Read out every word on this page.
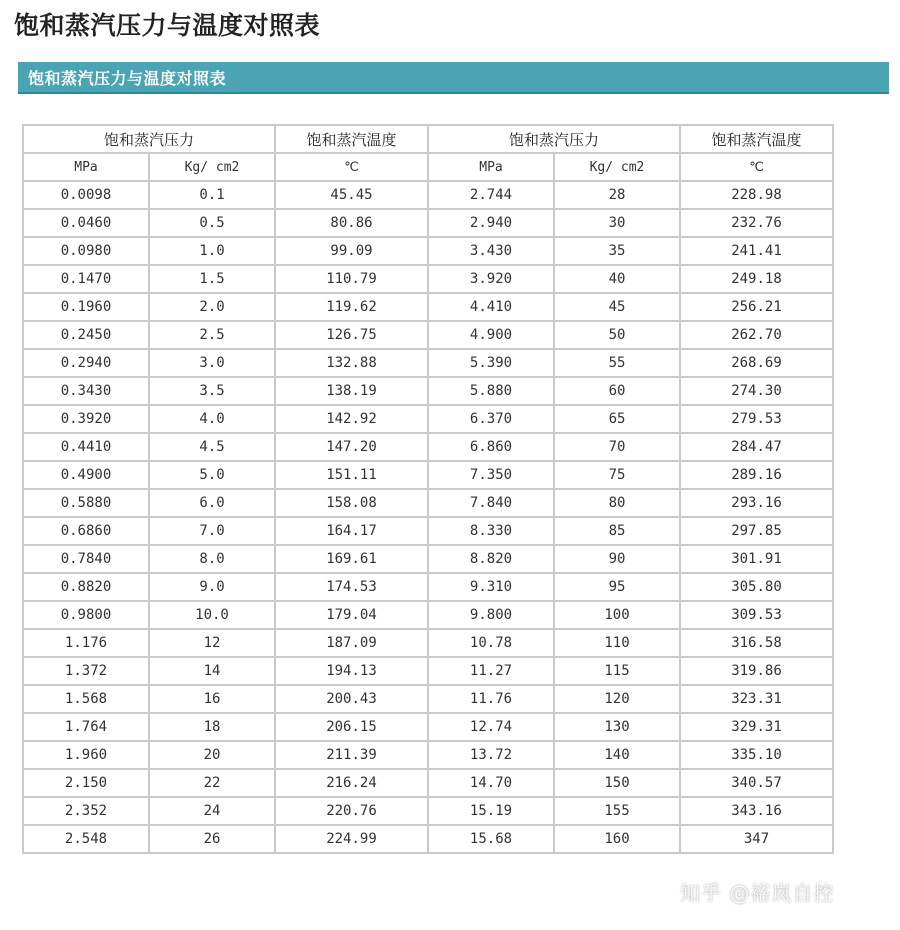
饱和蒸汽压力与温度对照表
饱和蒸汽压力与温度对照表
饱和蒸汽压力		饱和蒸汽温度	饱和蒸汽压力		饱和蒸汽温度
MPa	Kg/ cm2	℃	MPa	Kg/ cm2	℃
0.0098	0.1	45.45	2.744	28	228.98
0.0460	0.5	80.86	2.940	30	232.76
0.0980	1.0	99.09	3.430	35	241.41
0.1470	1.5	110.79	3.920	40	249.18
0.1960	2.0	119.62	4.410	45	256.21
0.2450	2.5	126.75	4.900	50	262.70
0.2940	3.0	132.88	5.390	55	268.69
0.3430	3.5	138.19	5.880	60	274.30
0.3920	4.0	142.92	6.370	65	279.53
0.4410	4.5	147.20	6.860	70	284.47
0.4900	5.0	151.11	7.350	75	289.16
0.5880	6.0	158.08	7.840	80	293.16
0.6860	7.0	164.17	8.330	85	297.85
0.7840	8.0	169.61	8.820	90	301.91
0.8820	9.0	174.53	9.310	95	305.80
0.9800	10.0	179.04	9.800	100	309.53
1.176	12	187.09	10.78	110	316.58
1.372	14	194.13	11.27	115	319.86
1.568	16	200.43	11.76	120	323.31
1.764	18	206.15	12.74	130	329.31
1.960	20	211.39	13.72	140	335.10
2.150	22	216.24	14.70	150	340.57
2.352	24	220.76	15.19	155	343.16
2.548	26	224.99	15.68	160	347
知乎 @裕岚自控
